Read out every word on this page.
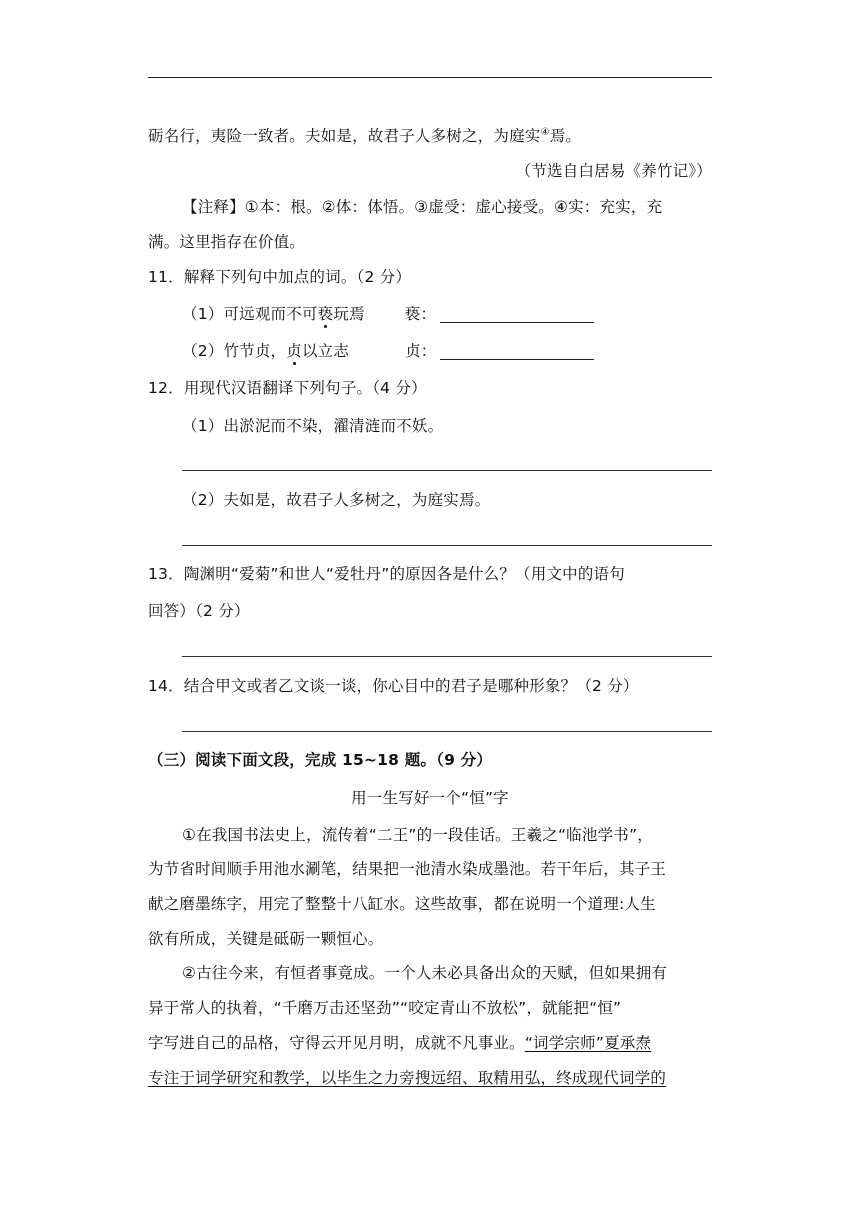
砺名行，夷险一致者。夫如是，故君子人多树之，为庭实④焉。
（节选自白居易《养竹记》）
【注释】①本：根。②体：体悟。③虚受：虚心接受。④实：充实，充
满。这里指存在价值。
11．解释下列句中加点的词。（2 分）
（1）可远观而不可亵玩焉	亵：
（2）竹节贞，贞以立志	贞：
12．用现代汉语翻译下列句子。（4 分）
（1）出淤泥而不染，濯清涟而不妖。
（2）夫如是，故君子人多树之，为庭实焉。
13．陶渊明“爱菊”和世人“爱牡丹”的原因各是什么？（用文中的语句
回答）（2 分）
14．结合甲文或者乙文谈一谈，你心目中的君子是哪种形象？（2 分）
（三）阅读下面文段，完成 15~18 题。（9 分）
用一生写好一个“恒”字
①在我国书法史上，流传着“二王”的一段佳话。王羲之“临池学书”，
为节省时间顺手用池水涮笔，结果把一池清水染成墨池。若干年后，其子王
献之磨墨练字，用完了整整十八缸水。这些故事，都在说明一个道理:人生
欲有所成，关键是砥砺一颗恒心。
②古往今来，有恒者事竟成。一个人未必具备出众的天赋，但如果拥有
异于常人的执着，“千磨万击还坚劲”“咬定青山不放松”，就能把“恒”
字写进自己的品格，守得云开见月明，成就不凡事业。“词学宗师”夏承焘
专注于词学研究和教学，以毕生之力旁搜远绍、取精用弘，终成现代词学的
